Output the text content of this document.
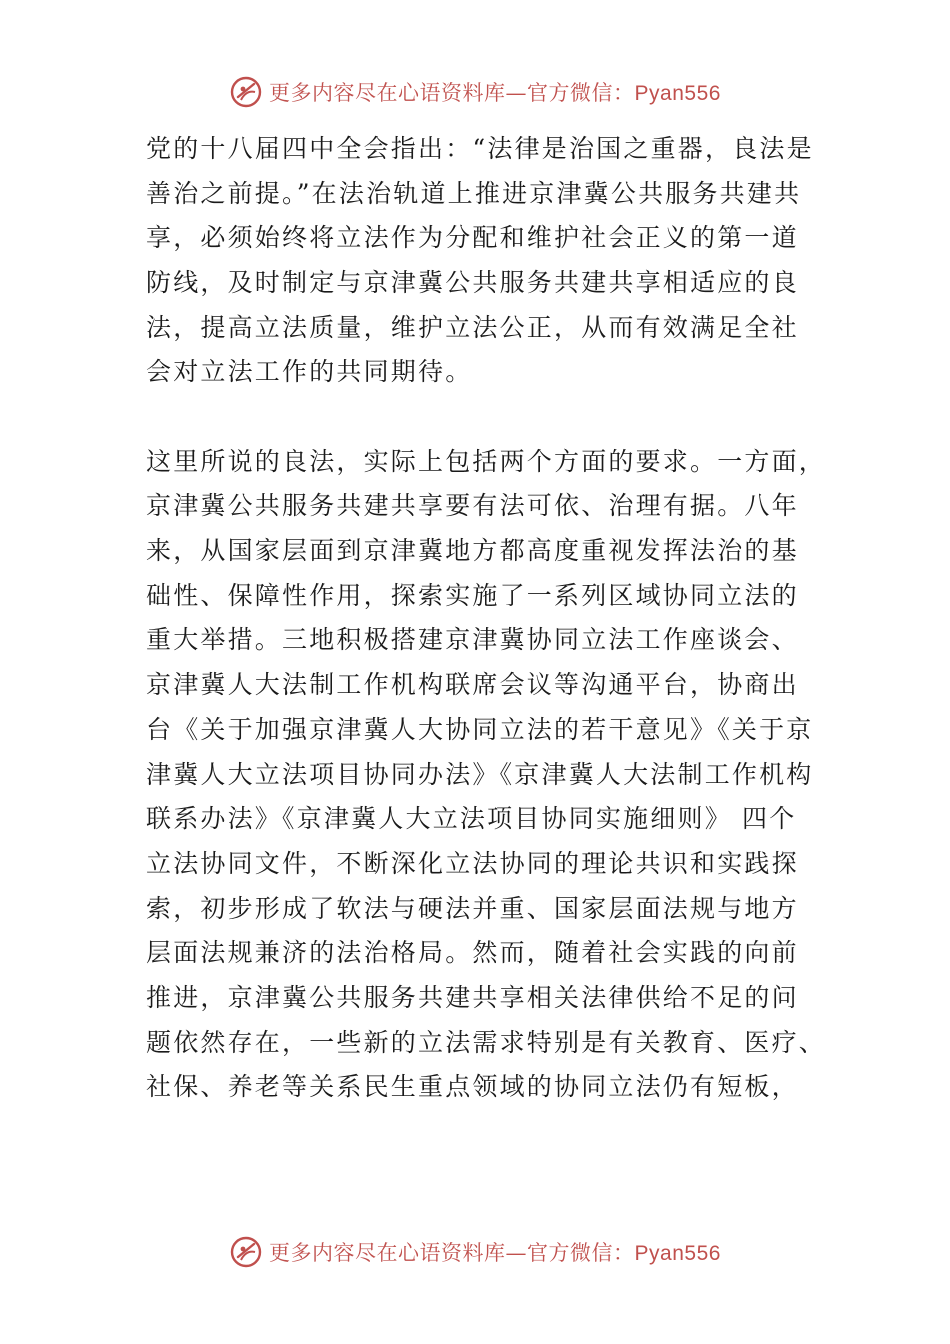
更多内容尽在心语资料库—官方微信：Pyan556

党的十八届四中全会指出：“法律是治国之重器，良法是
善治之前提。”在法治轨道上推进京津冀公共服务共建共
享，必须始终将立法作为分配和维护社会正义的第一道
防线，及时制定与京津冀公共服务共建共享相适应的良
法，提高立法质量，维护立法公正，从而有效满足全社
会对立法工作的共同期待。

这里所说的良法，实际上包括两个方面的要求。一方面，
京津冀公共服务共建共享要有法可依、治理有据。八年
来，从国家层面到京津冀地方都高度重视发挥法治的基
础性、保障性作用，探索实施了一系列区域协同立法的
重大举措。三地积极搭建京津冀协同立法工作座谈会、
京津冀人大法制工作机构联席会议等沟通平台，协商出
台《关于加强京津冀人大协同立法的若干意见》《关于京
津冀人大立法项目协同办法》《京津冀人大法制工作机构
联系办法》《京津冀人大立法项目协同实施细则》 四个
立法协同文件，不断深化立法协同的理论共识和实践探
索，初步形成了软法与硬法并重、国家层面法规与地方
层面法规兼济的法治格局。然而，随着社会实践的向前
推进，京津冀公共服务共建共享相关法律供给不足的问
题依然存在，一些新的立法需求特别是有关教育、医疗、
社保、养老等关系民生重点领域的协同立法仍有短板，

更多内容尽在心语资料库—官方微信：Pyan556
